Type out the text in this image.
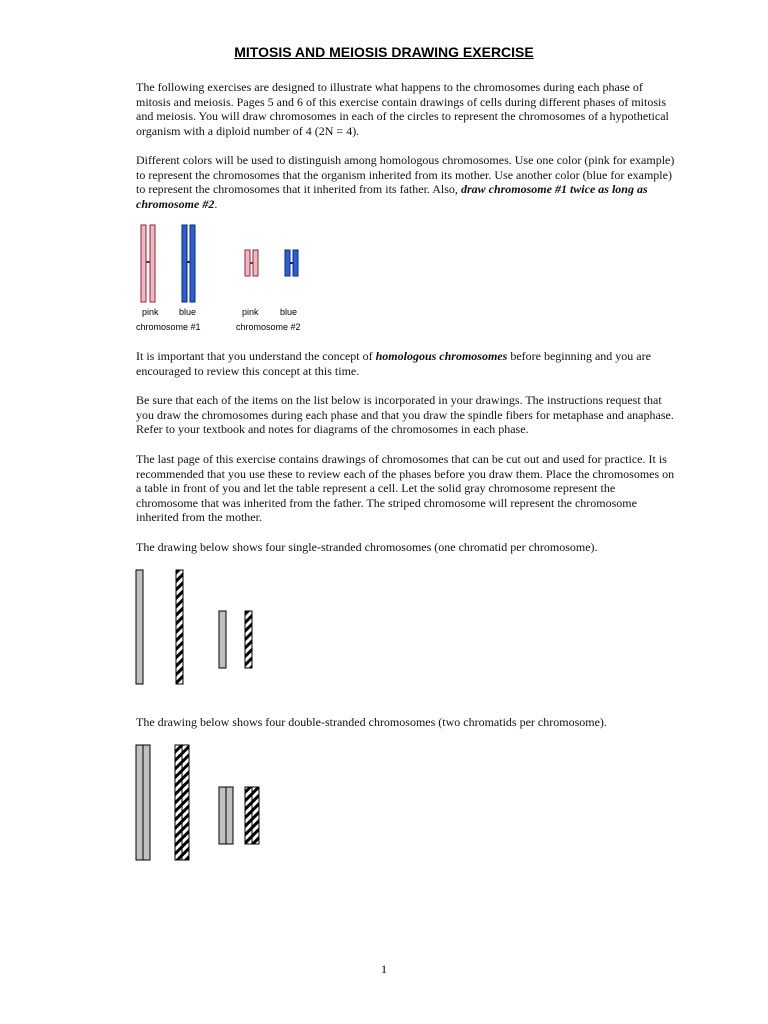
MITOSIS AND MEIOSIS DRAWING EXERCISE

The following exercises are designed to illustrate what happens to the chromosomes during each phase of mitosis and meiosis. Pages 5 and 6 of this exercise contain drawings of cells during different phases of mitosis and meiosis. You will draw chromosomes in each of the circles to represent the chromosomes of a hypothetical organism with a diploid number of 4 (2N = 4).

Different colors will be used to distinguish among homologous chromosomes. Use one color (pink for example) to represent the chromosomes that the organism inherited from its mother. Use another color (blue for example) to represent the chromosomes that it inherited from its father. Also, draw chromosome #1 twice as long as chromosome #2.

pink blue	pink blue
chromosome #1	chromosome #2

It is important that you understand the concept of homologous chromosomes before beginning and you are encouraged to review this concept at this time.

Be sure that each of the items on the list below is incorporated in your drawings. The instructions request that you draw the chromosomes during each phase and that you draw the spindle fibers for metaphase and anaphase. Refer to your textbook and notes for diagrams of the chromosomes in each phase.

The last page of this exercise contains drawings of chromosomes that can be cut out and used for practice. It is recommended that you use these to review each of the phases before you draw them. Place the chromosomes on a table in front of you and let the table represent a cell. Let the solid gray chromosome represent the chromosome that was inherited from the father. The striped chromosome will represent the chromosome inherited from the mother.

The drawing below shows four single-stranded chromosomes (one chromatid per chromosome).

The drawing below shows four double-stranded chromosomes (two chromatids per chromosome).

1
